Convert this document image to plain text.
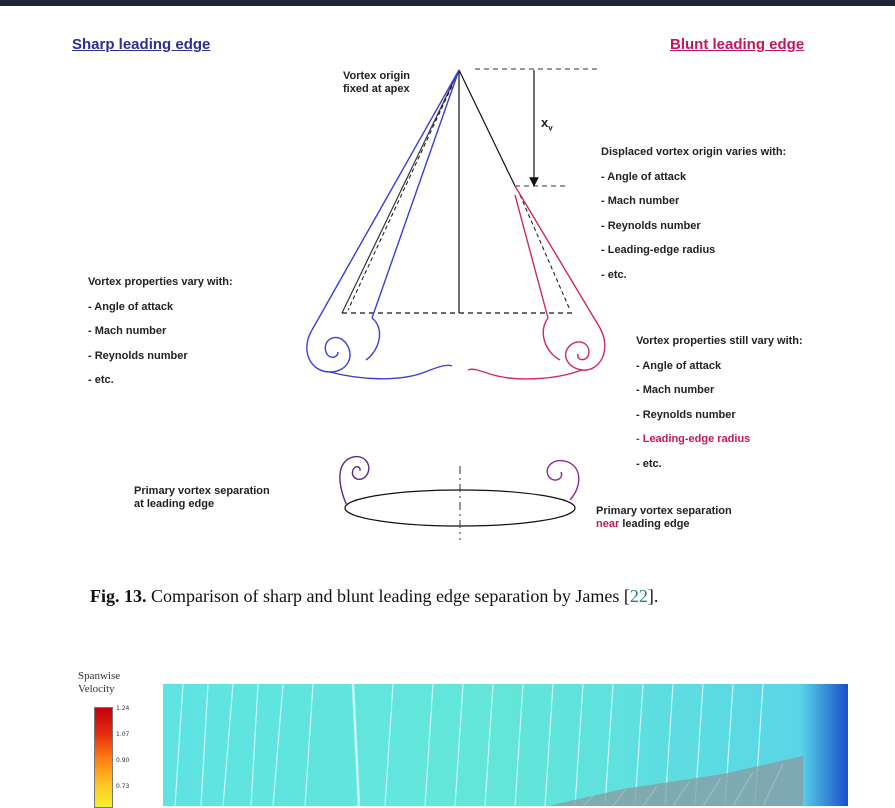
Sharp leading edge	Blunt leading edge
Vortex origin
fixed at apex
$x_v$
Displaced vortex origin varies with:
- Angle of attack
- Mach number
- Reynolds number
- Leading-edge radius
- etc.
Vortex properties vary with:
- Angle of attack
- Mach number
- Reynolds number
- etc.
Vortex properties still vary with:
- Angle of attack
- Mach number
- Reynolds number
- Leading-edge radius
- etc.
Primary vortex separation
at leading edge
Primary vortex separation
near leading edge
Fig. 13. Comparison of sharp and blunt leading edge separation by James [22].
Spanwise
Velocity
1.24
1.07
0.90
0.73
